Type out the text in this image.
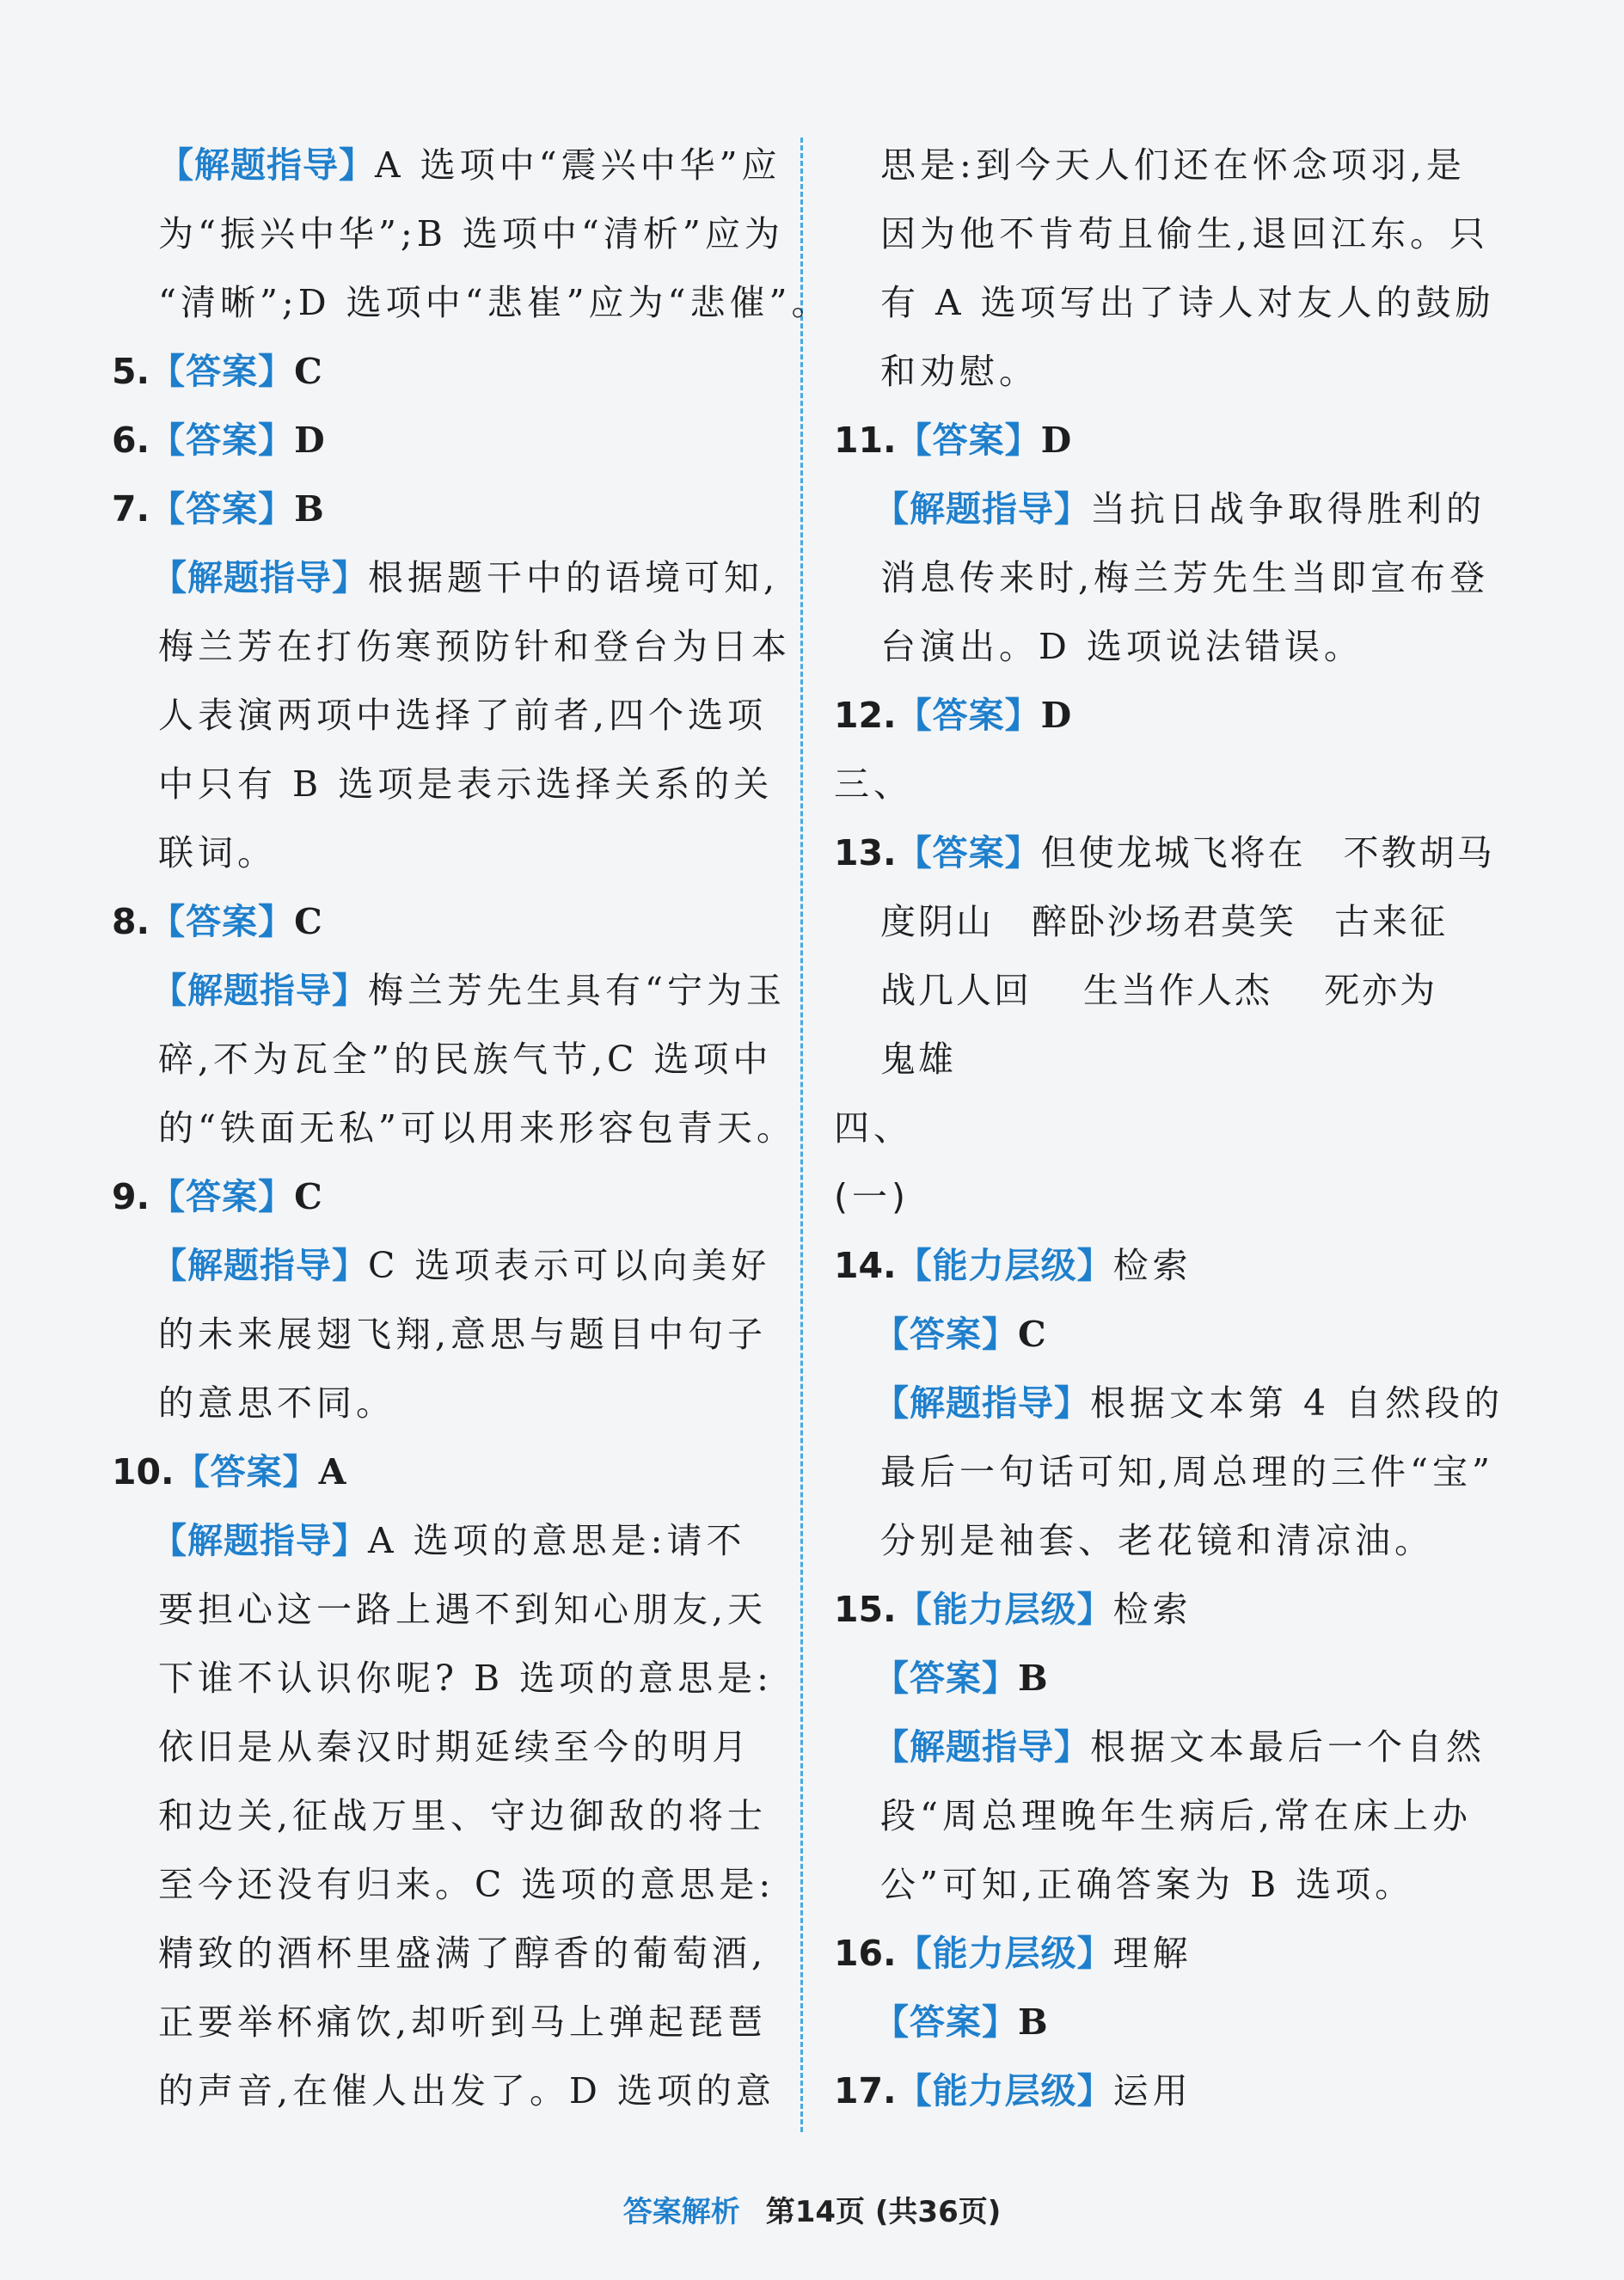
【解题指导】A 选项中“震兴中华”应
为“振兴中华”;B 选项中“清析”应为
“清晰”;D 选项中“悲崔”应为“悲催”。
5.【答案】C
6.【答案】D
7.【答案】B
【解题指导】根据题干中的语境可知,
梅兰芳在打伤寒预防针和登台为日本
人表演两项中选择了前者,四个选项
中只有 B 选项是表示选择关系的关
联词。
8.【答案】C
【解题指导】梅兰芳先生具有“宁为玉
碎,不为瓦全”的民族气节,C 选项中
的“铁面无私”可以用来形容包青天。
9.【答案】C
【解题指导】C 选项表示可以向美好
的未来展翅飞翔,意思与题目中句子
的意思不同。
10.【答案】A
【解题指导】A 选项的意思是:请不
要担心这一路上遇不到知心朋友,天
下谁不认识你呢? B 选项的意思是:
依旧是从秦汉时期延续至今的明月
和边关,征战万里、守边御敌的将士
至今还没有归来。C 选项的意思是:
精致的酒杯里盛满了醇香的葡萄酒,
正要举杯痛饮,却听到马上弹起琵琶
的声音,在催人出发了。D 选项的意
思是:到今天人们还在怀念项羽,是
因为他不肯苟且偷生,退回江东。只
有 A 选项写出了诗人对友人的鼓励
和劝慰。
11.【答案】D
【解题指导】当抗日战争取得胜利的
消息传来时,梅兰芳先生当即宣布登
台演出。D 选项说法错误。
12.【答案】D
三、
13.【答案】但使龙城飞将在　不教胡马
度阴山　醉卧沙场君莫笑　古来征
战几人回　 生当作人杰　 死亦为
鬼雄
四、
(一)
14.【能力层级】检索
【答案】C
【解题指导】根据文本第 4 自然段的
最后一句话可知,周总理的三件“宝”
分别是袖套、老花镜和清凉油。
15.【能力层级】检索
【答案】B
【解题指导】根据文本最后一个自然
段“周总理晚年生病后,常在床上办
公”可知,正确答案为 B 选项。
16.【能力层级】理解
【答案】B
17.【能力层级】运用
答案解析 第14页 (共36页)
